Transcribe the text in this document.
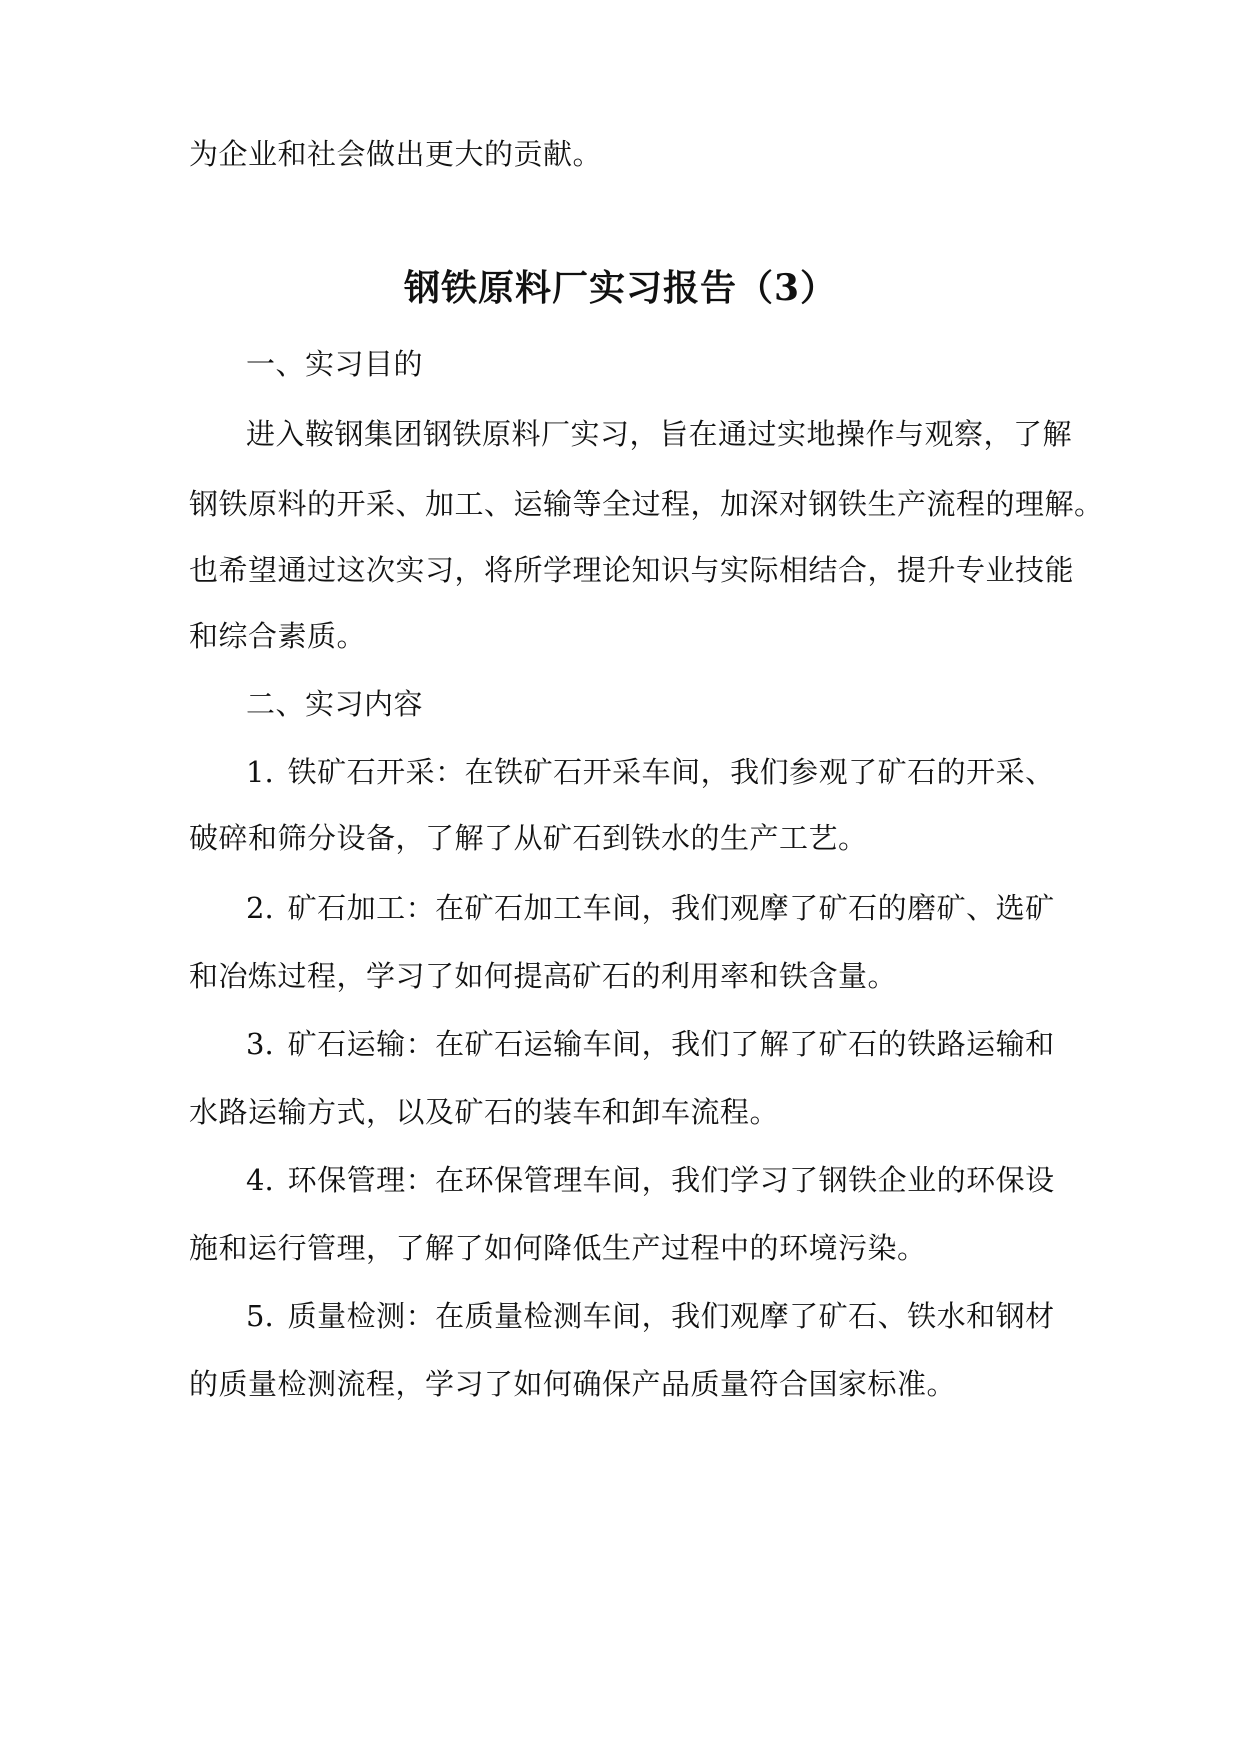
为企业和社会做出更大的贡献。
钢铁原料厂实习报告（3）
一、实习目的
进入鞍钢集团钢铁原料厂实习，旨在通过实地操作与观察，了解
钢铁原料的开采、加工、运输等全过程，加深对钢铁生产流程的理解。
也希望通过这次实习，将所学理论知识与实际相结合，提升专业技能
和综合素质。
二、实习内容
1. 铁矿石开采：在铁矿石开采车间，我们参观了矿石的开采、
破碎和筛分设备，了解了从矿石到铁水的生产工艺。
2. 矿石加工：在矿石加工车间，我们观摩了矿石的磨矿、选矿
和冶炼过程，学习了如何提高矿石的利用率和铁含量。
3. 矿石运输：在矿石运输车间，我们了解了矿石的铁路运输和
水路运输方式，以及矿石的装车和卸车流程。
4. 环保管理：在环保管理车间，我们学习了钢铁企业的环保设
施和运行管理，了解了如何降低生产过程中的环境污染。
5. 质量检测：在质量检测车间，我们观摩了矿石、铁水和钢材
的质量检测流程，学习了如何确保产品质量符合国家标准。
